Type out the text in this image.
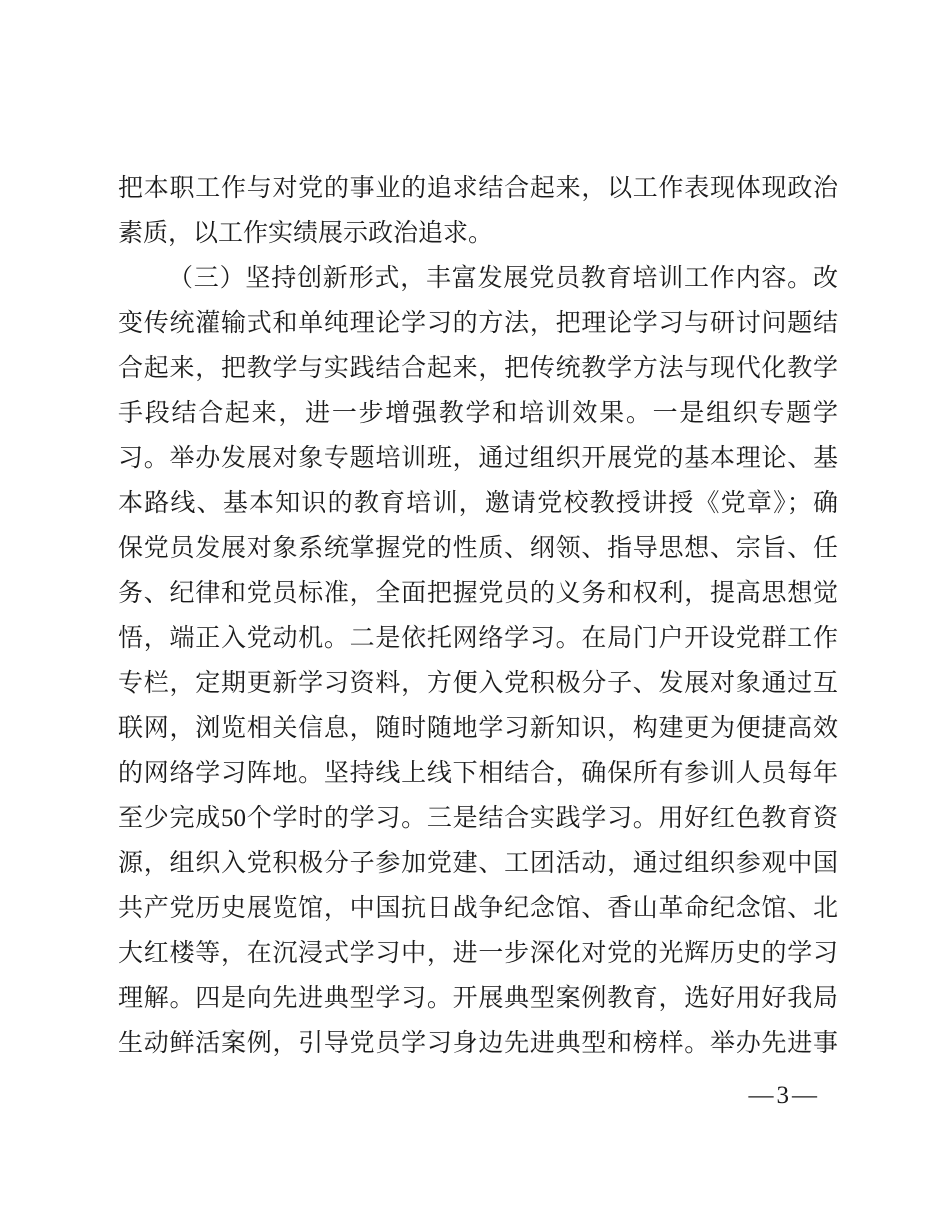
把本职工作与对党的事业的追求结合起来，以工作表现体现政治
素质，以工作实绩展示政治追求。
（三）坚持创新形式，丰富发展党员教育培训工作内容。改
变传统灌输式和单纯理论学习的方法，把理论学习与研讨问题结
合起来，把教学与实践结合起来，把传统教学方法与现代化教学
手段结合起来，进一步增强教学和培训效果。一是组织专题学
习。举办发展对象专题培训班，通过组织开展党的基本理论、基
本路线、基本知识的教育培训，邀请党校教授讲授《党章》；确
保党员发展对象系统掌握党的性质、纲领、指导思想、宗旨、任
务、纪律和党员标准，全面把握党员的义务和权利，提高思想觉
悟，端正入党动机。二是依托网络学习。在局门户开设党群工作
专栏，定期更新学习资料，方便入党积极分子、发展对象通过互
联网，浏览相关信息，随时随地学习新知识，构建更为便捷高效
的网络学习阵地。坚持线上线下相结合，确保所有参训人员每年
至少完成50个学时的学习。三是结合实践学习。用好红色教育资
源，组织入党积极分子参加党建、工团活动，通过组织参观中国
共产党历史展览馆，中国抗日战争纪念馆、香山革命纪念馆、北
大红楼等，在沉浸式学习中，进一步深化对党的光辉历史的学习
理解。四是向先进典型学习。开展典型案例教育，选好用好我局
生动鲜活案例，引导党员学习身边先进典型和榜样。举办先进事
—3—
